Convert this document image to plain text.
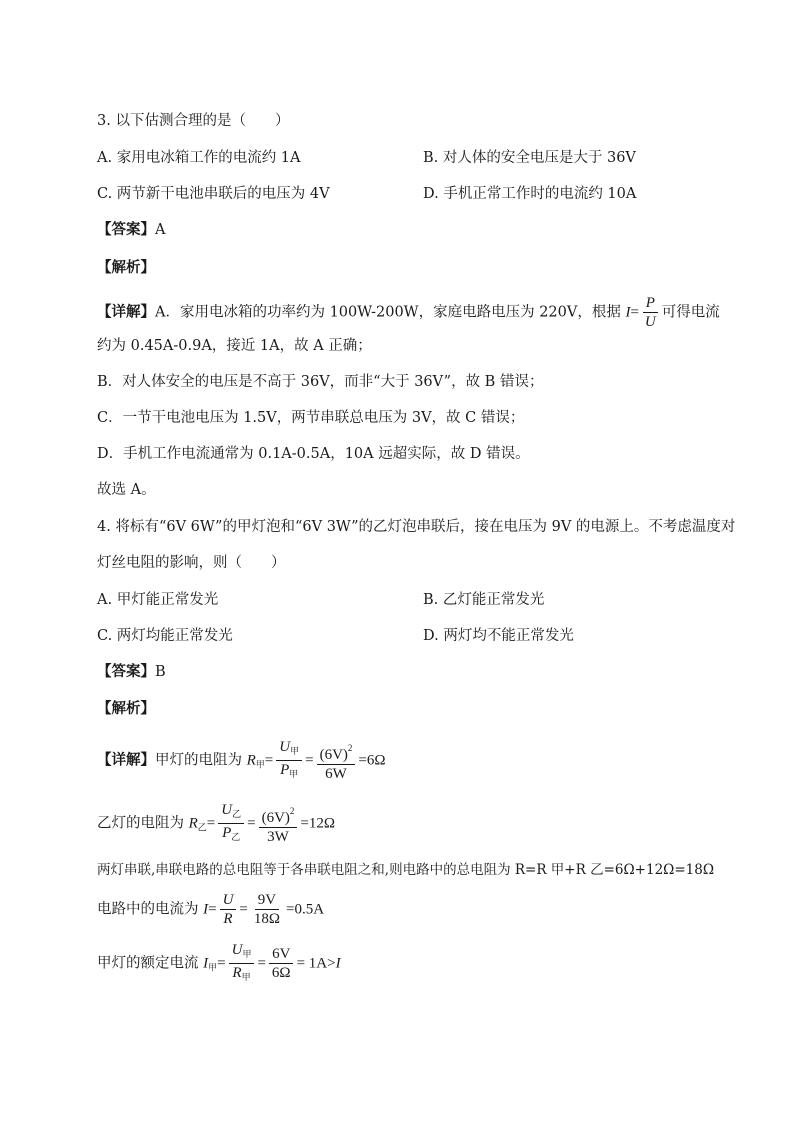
3. 以下估测合理的是（　　）
A. 家用电冰箱工作的电流约 1A	B. 对人体的安全电压是大于 36V
C. 两节新干电池串联后的电压为 4V	D. 手机正常工作时的电流约 10A
【答案】A
【解析】
【详解】A．家用电冰箱的功率约为 100W-200W，家庭电路电压为 220V，根据 $I= \frac{P}{U}$ 可得电流
约为 0.45A-0.9A，接近 1A，故 A 正确；
B．对人体安全的电压是不高于 36V，而非“大于 36V”，故 B 错误；
C．一节干电池电压为 1.5V，两节串联总电压为 3V，故 C 错误；
D．手机工作电流通常为 0.1A-0.5A，10A 远超实际，故 D 错误。
故选 A。
4. 将标有“6V 6W”的甲灯泡和“6V 3W”的乙灯泡串联后，接在电压为 9V 的电源上。不考虑温度对
灯丝电阻的影响，则（　　）
A. 甲灯能正常发光	B. 乙灯能正常发光
C. 两灯均能正常发光	D. 两灯均不能正常发光
【答案】B
【解析】
【详解】甲灯的电阻为 $R_甲= \frac{U_甲}{P_甲} = \frac{(6V)^2}{6W} =6\Omega$
乙灯的电阻为 $R_乙= \frac{U_乙}{P_乙} = \frac{(6V)^2}{3W} =12\Omega$
两灯串联,串联电路的总电阻等于各串联电阻之和,则电路中的总电阻为 R=R 甲+R 乙=6Ω+12Ω=18Ω
电路中的电流为 $I= \frac{U}{R} = \frac{9V}{18\Omega} =0.5A$
甲灯的额定电流 $I_甲= \frac{U_甲}{R_甲} = \frac{6V}{6\Omega} = 1A>I$
